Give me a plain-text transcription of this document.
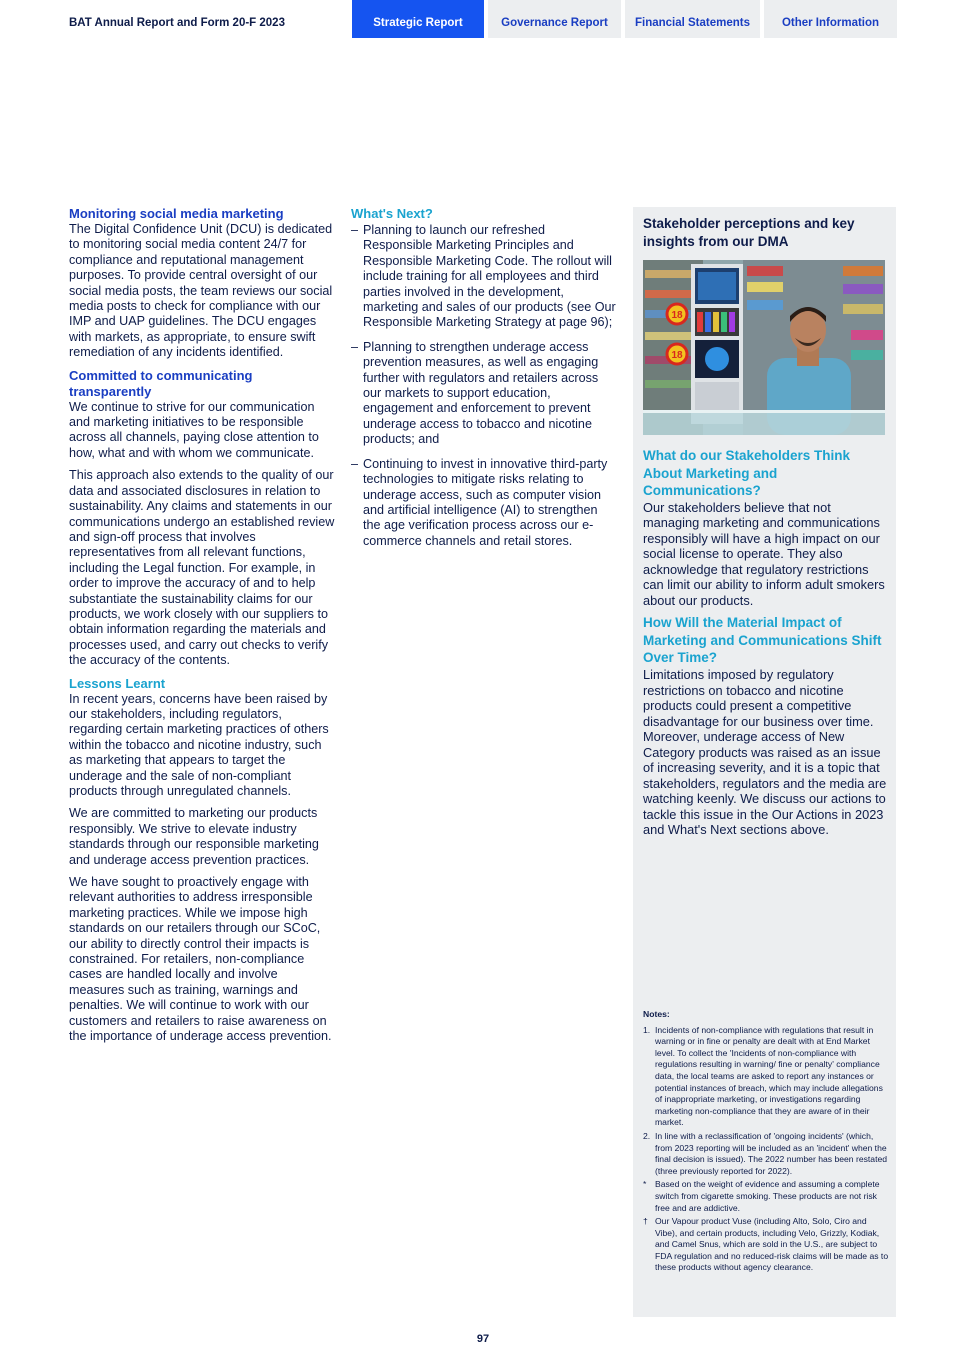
BAT Annual Report and Form 20-F 2023	Strategic Report	Governance Report	Financial Statements	Other Information
Monitoring social media marketing

The Digital Confidence Unit (DCU) is dedicated to monitoring social media content 24/7 for compliance and reputational management purposes. To provide central oversight of our social media posts, the team reviews our social media posts to check for compliance with our IMP and UAP guidelines. The DCU engages with markets, as appropriate, to ensure swift remediation of any incidents identified.

Committed to communicating transparently

We continue to strive for our communication and marketing initiatives to be responsible across all channels, paying close attention to how, what and with whom we communicate.

This approach also extends to the quality of our data and associated disclosures in relation to sustainability. Any claims and statements in our communications undergo an established review and sign-off process that involves representatives from all relevant functions, including the Legal function. For example, in order to improve the accuracy of and to help substantiate the sustainability claims for our products, we work closely with our suppliers to obtain information regarding the materials and processes used, and carry out checks to verify the accuracy of the contents.

Lessons Learnt

In recent years, concerns have been raised by our stakeholders, including regulators, regarding certain marketing practices of others within the tobacco and nicotine industry, such as marketing that appears to target the underage and the sale of non-compliant products through unregulated channels.

We are committed to marketing our products responsibly. We strive to elevate industry standards through our responsible marketing and underage access prevention practices.

We have sought to proactively engage with relevant authorities to address irresponsible marketing practices. While we impose high standards on our retailers through our SCoC, our ability to directly control their impacts is constrained. For retailers, non-compliance cases are handled locally and involve measures such as training, warnings and penalties. We will continue to work with our customers and retailers to raise awareness on the importance of underage access prevention.

What's Next?
– Planning to launch our refreshed Responsible Marketing Principles and Responsible Marketing Code. The rollout will include training for all employees and third parties involved in the development, marketing and sales of our products (see Our Responsible Marketing Strategy at page 96);
– Planning to strengthen underage access prevention measures, as well as engaging further with regulators and retailers across our markets to support education, engagement and enforcement to prevent underage access to tobacco and nicotine products; and
– Continuing to invest in innovative third-party technologies to mitigate risks relating to underage access, such as computer vision and artificial intelligence (AI) to strengthen the age verification process across our e-commerce channels and retail stores.
Stakeholder perceptions and key insights from our DMA
18
18
What do our Stakeholders Think About Marketing and Communications?

Our stakeholders believe that not managing marketing and communications responsibly will have a high impact on our social license to operate. They also acknowledge that regulatory restrictions can limit our ability to inform adult smokers about our products.

How Will the Material Impact of Marketing and Communications Shift Over Time?

Limitations imposed by regulatory restrictions on tobacco and nicotine products could present a competitive disadvantage for our business over time. Moreover, underage access of New Category products was raised as an issue of increasing severity, and it is a topic that stakeholders, regulators and the media are watching keenly. We discuss our actions to tackle this issue in the Our Actions in 2023 and What's Next sections above.

Notes:
1. Incidents of non-compliance with regulations that result in warning or in fine or penalty are dealt with at End Market level. To collect the 'Incidents of non-compliance with regulations resulting in warning/ fine or penalty' compliance data, the local teams are asked to report any instances or potential instances of breach, which may include allegations of inappropriate marketing, or investigations regarding marketing non-compliance that they are aware of in their market.
2. In line with a reclassification of 'ongoing incidents' (which, from 2023 reporting will be included as an 'incident' when the final decision is issued). The 2022 number has been restated (three previously reported for 2022).
*	Based on the weight of evidence and assuming a complete switch from cigarette smoking. These products are not risk free and are addictive.
† Our Vapour product Vuse (including Alto, Solo, Ciro and Vibe), and certain products, including Velo, Grizzly, Kodiak, and Camel Snus, which are sold in the U.S., are subject to FDA regulation and no reduced-risk claims will be made as to these products without agency clearance.
97
